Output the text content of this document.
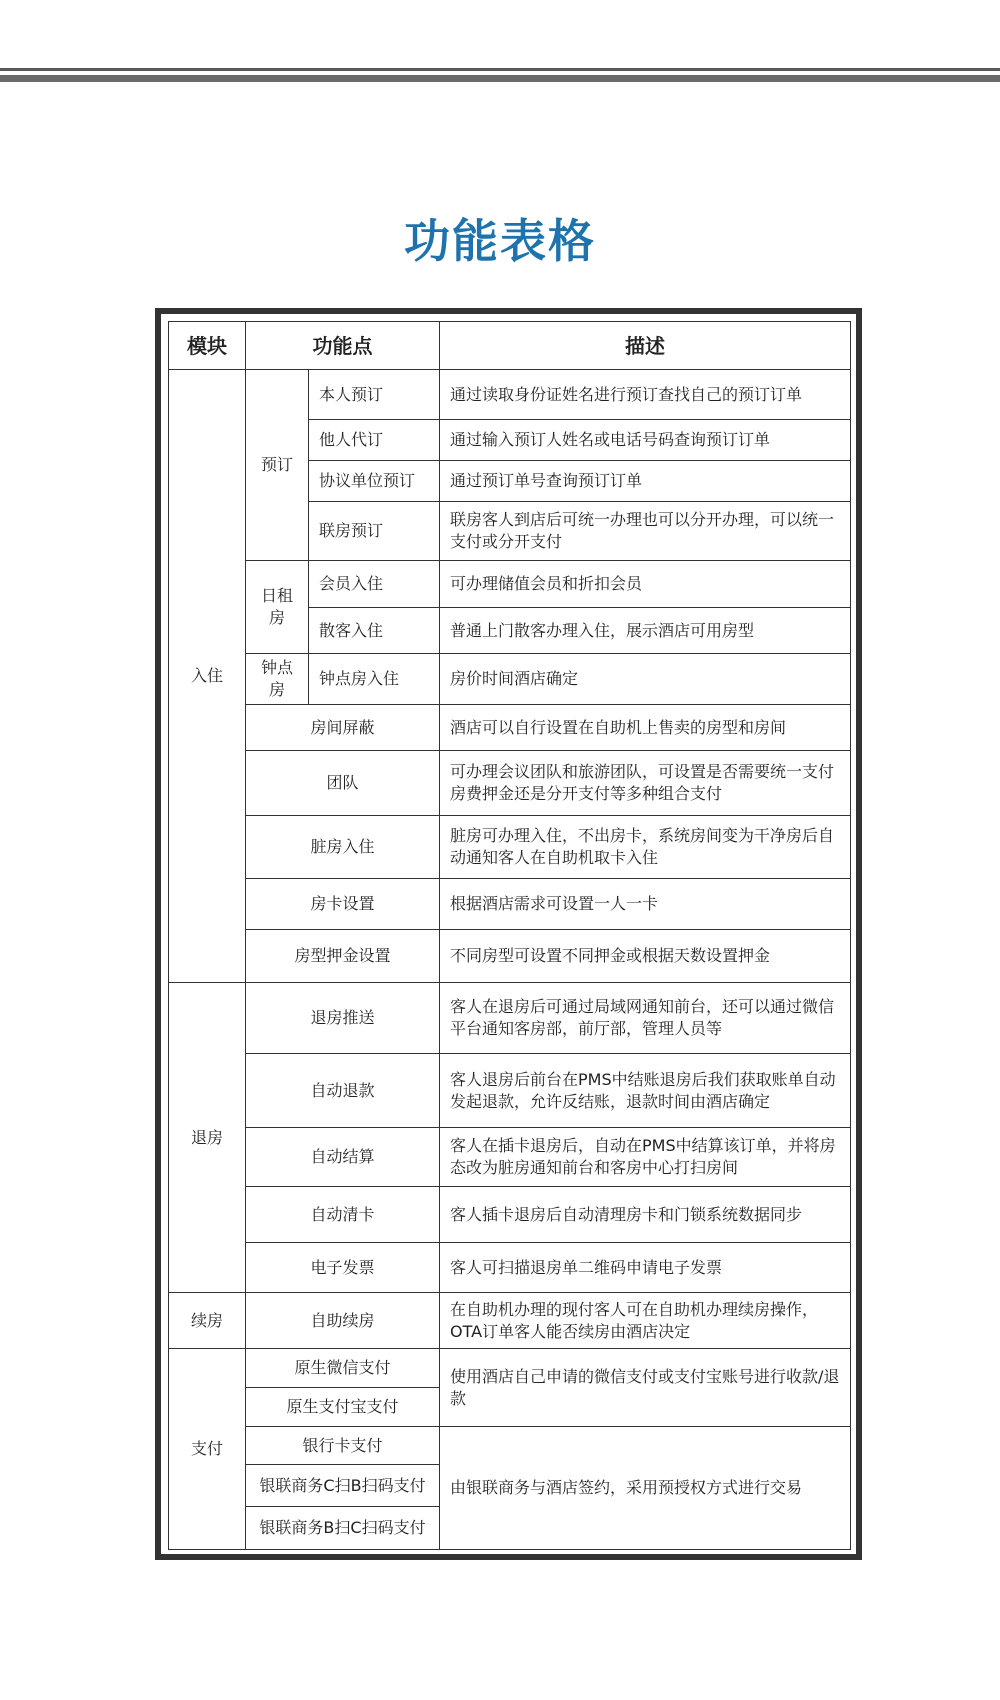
功能表格
模块	功能点		描述
入住	预订	本人预订	通过读取身份证姓名进行预订查找自己的预订订单
		他人代订	通过输入预订人姓名或电话号码查询预订订单
		协议单位预订	通过预订单号查询预订订单
		联房预订	联房客人到店后可统一办理也可以分开办理，可以统一支付或分开支付
	日租房	会员入住	可办理储值会员和折扣会员
		散客入住	普通上门散客办理入住，展示酒店可用房型
	钟点房	钟点房入住	房价时间酒店确定
	房间屏蔽		酒店可以自行设置在自助机上售卖的房型和房间
	团队		可办理会议团队和旅游团队，可设置是否需要统一支付房费押金还是分开支付等多种组合支付
	脏房入住		脏房可办理入住，不出房卡，系统房间变为干净房后自动通知客人在自助机取卡入住
	房卡设置		根据酒店需求可设置一人一卡
	房型押金设置		不同房型可设置不同押金或根据天数设置押金
退房	退房推送		客人在退房后可通过局域网通知前台，还可以通过微信平台通知客房部，前厅部，管理人员等
	自动退款		客人退房后前台在PMS中结账退房后我们获取账单自动发起退款，允许反结账，退款时间由酒店确定
	自动结算		客人在插卡退房后，自动在PMS中结算该订单，并将房态改为脏房通知前台和客房中心打扫房间
	自动清卡		客人插卡退房后自动清理房卡和门锁系统数据同步
	电子发票		客人可扫描退房单二维码申请电子发票
续房	自助续房		在自助机办理的现付客人可在自助机办理续房操作，OTA订单客人能否续房由酒店决定
支付	原生微信支付		使用酒店自己申请的微信支付或支付宝账号进行收款/退款
	原生支付宝支付		
	银行卡支付		由银联商务与酒店签约，采用预授权方式进行交易
	银联商务C扫B扫码支付		
	银联商务B扫C扫码支付		
